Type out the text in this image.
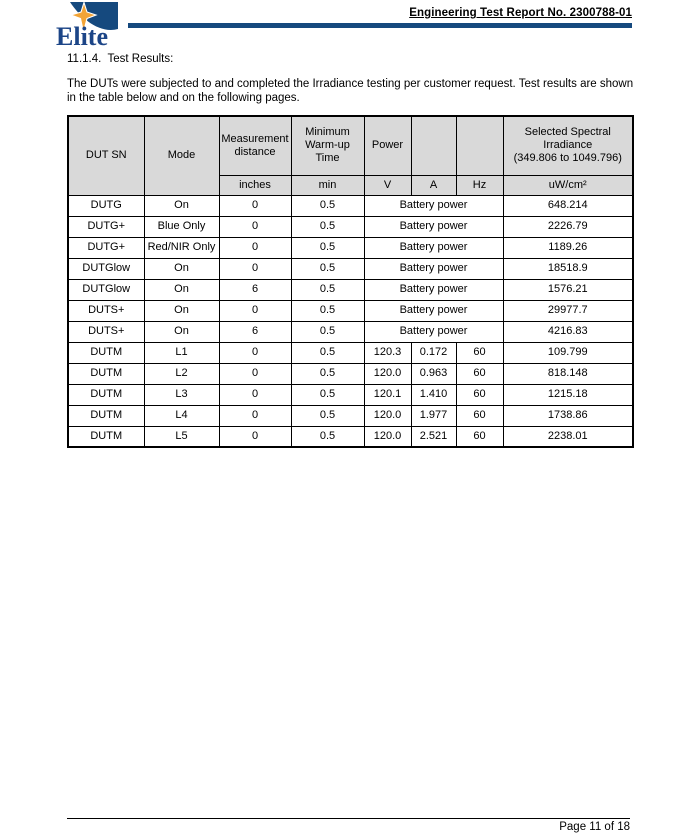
Elite
Engineering Test Report No. 2300788-01
11.1.4.  Test Results:
The DUTs were subjected to and completed the Irradiance testing per customer request. Test results are shown in the table below and on the following pages.
DUT SN	Mode	Measurement distance	Minimum Warm-up Time	Power			Selected Spectral
Irradiance
(349.806 to 1049.796)

		inches	min	V	A	Hz	uW/cm²
DUTG	On	0	0.5	Battery power			648.214
DUTG+	Blue Only	0	0.5	Battery power			2226.79
DUTG+	Red/NIR Only	0	0.5	Battery power			1189.26
DUTGlow	On	0	0.5	Battery power			18518.9
DUTGlow	On	6	0.5	Battery power			1576.21
DUTS+	On	0	0.5	Battery power			29977.7
DUTS+	On	6	0.5	Battery power			4216.83
DUTM	L1	0	0.5	120.3	0.172	60	109.799
DUTM	L2	0	0.5	120.0	0.963	60	818.148
DUTM	L3	0	0.5	120.1	1.410	60	1215.18
DUTM	L4	0	0.5	120.0	1.977	60	1738.86
DUTM	L5	0	0.5	120.0	2.521	60	2238.01
Page 11 of 18
